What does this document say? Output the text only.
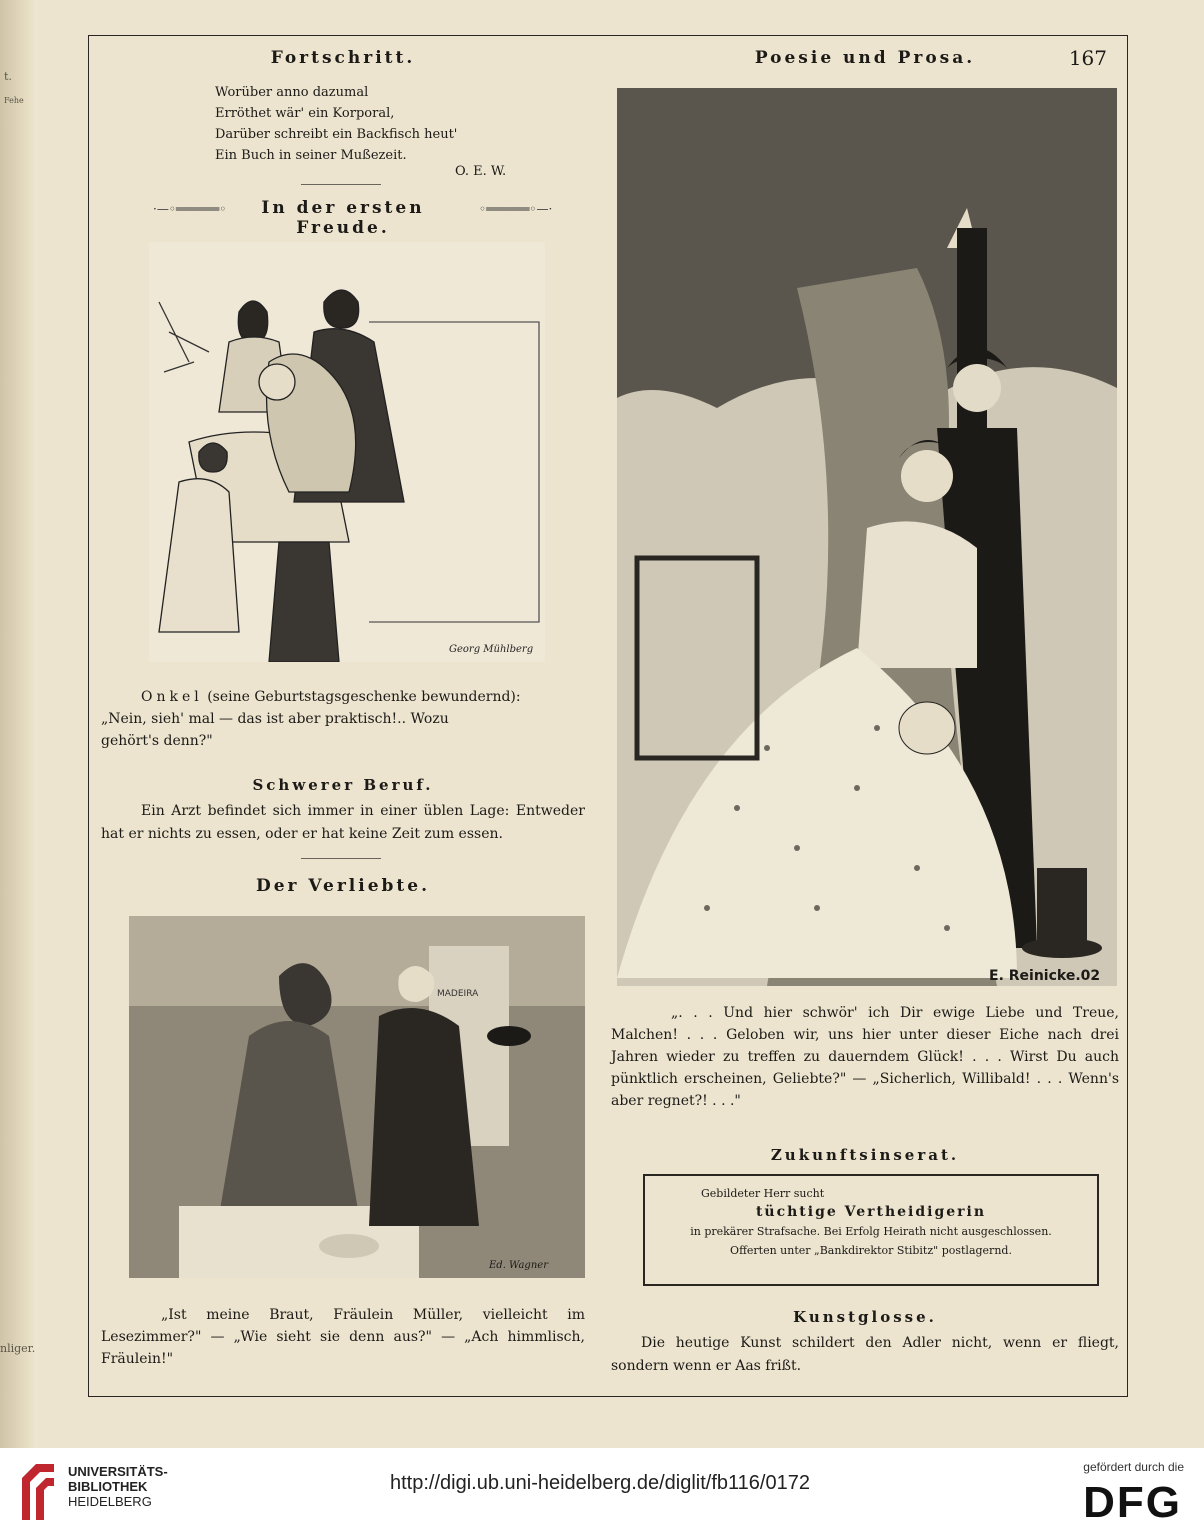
t.
Fehe
nliger.
Fortschritt.
Worüber anno dazumal
Erröthet wär' ein Korporal,
Darüber schreibt ein Backfisch heut'
Ein Buch in seiner Mußezeit.
O. E. W.
·—◦══════◦	In der ersten Freude.
◦══════◦—·
Georg Mühlberg
Onkel (seine Geburtstagsgeschenke bewundernd):
„Nein, sieh' mal — das ist aber praktisch!.. Wozu
gehört's denn?"
Schwerer Beruf.
Ein Arzt befindet sich immer in einer üblen Lage: Entweder hat er nichts zu essen, oder er hat keine Zeit zum essen.
Der Verliebte.
MADEIRA
Ed. Wagner
„Ist meine Braut, Fräulein Müller, vielleicht im Lesezimmer?" — „Wie sieht sie denn aus?" — „Ach himmlisch, Fräulein!"
Poesie und Prosa.	167
E. Reinicke.02
„. . . Und hier schwör' ich Dir ewige Liebe und Treue, Malchen! . . . Geloben wir, uns hier unter dieser Eiche nach drei Jahren wieder zu treffen zu dauerndem Glück! . . . Wirst Du auch pünktlich erscheinen, Geliebte?" — „Sicherlich, Willibald! . . . Wenn's aber regnet?! . . ."
Zukunftsinserat.
Gebildeter Herr sucht
tüchtige Vertheidigerin
in prekärer Strafsache. Bei Erfolg Heirath nicht ausgeschlossen.
Offerten unter „Bankdirektor Stibitz" postlagernd.
Kunstglosse.
Die heutige Kunst schildert den Adler nicht, wenn er fliegt, sondern wenn er Aas frißt.
UNIVERSITÄTS-
BIBLIOTHEK
HEIDELBERG
http://digi.ub.uni-heidelberg.de/diglit/fb116/0172
gefördert durch die
DFG
